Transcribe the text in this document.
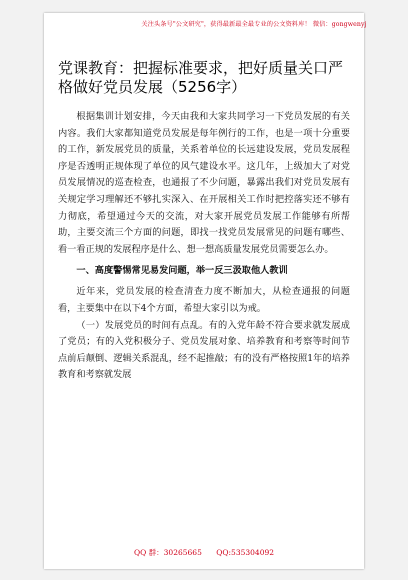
关注头条号"公文研究"，获得最新最全最专业的公文资料库！ 微信：gongwenyj
党课教育：把握标准要求，把好质量关口严格做好党员发展（5256字）

根据集训计划安排，今天由我和大家共同学习一下党员发展的有关内容。我们大家都知道党员发展是每年例行的工作，也是一项十分重要的工作，新发展党员的质量，关系着单位的长远建设发展，党员发展程序是否透明正规体现了单位的风气建设水平。这几年，上级加大了对党员发展情况的巡查检查，也通报了不少问题，暴露出我们对党员发展有关规定学习理解还不够扎实深入、在开展相关工作时把控落实还不够有力彻底，希望通过今天的交流，对大家开展党员发展工作能够有所帮助，主要交流三个方面的问题，即找一找党员发展常见的问题有哪些、看一看正规的发展程序是什么、想一想高质量发展党员需要怎么办。

一、高度警惕常见易发问题，举一反三汲取他人教训

近年来，党员发展的检查清查力度不断加大，从检查通报的问题看，主要集中在以下4个方面，希望大家引以为戒。

（一）发展党员的时间有点乱。有的入党年龄不符合要求就发展成了党员；有的入党积极分子、党员发展对象、培养教育和考察等时间节点前后颠倒、逻辑关系混乱，经不起推敲；有的没有严格按照1年的培养教育和考察就发展

QQ 群：30265665 QQ:535304092
